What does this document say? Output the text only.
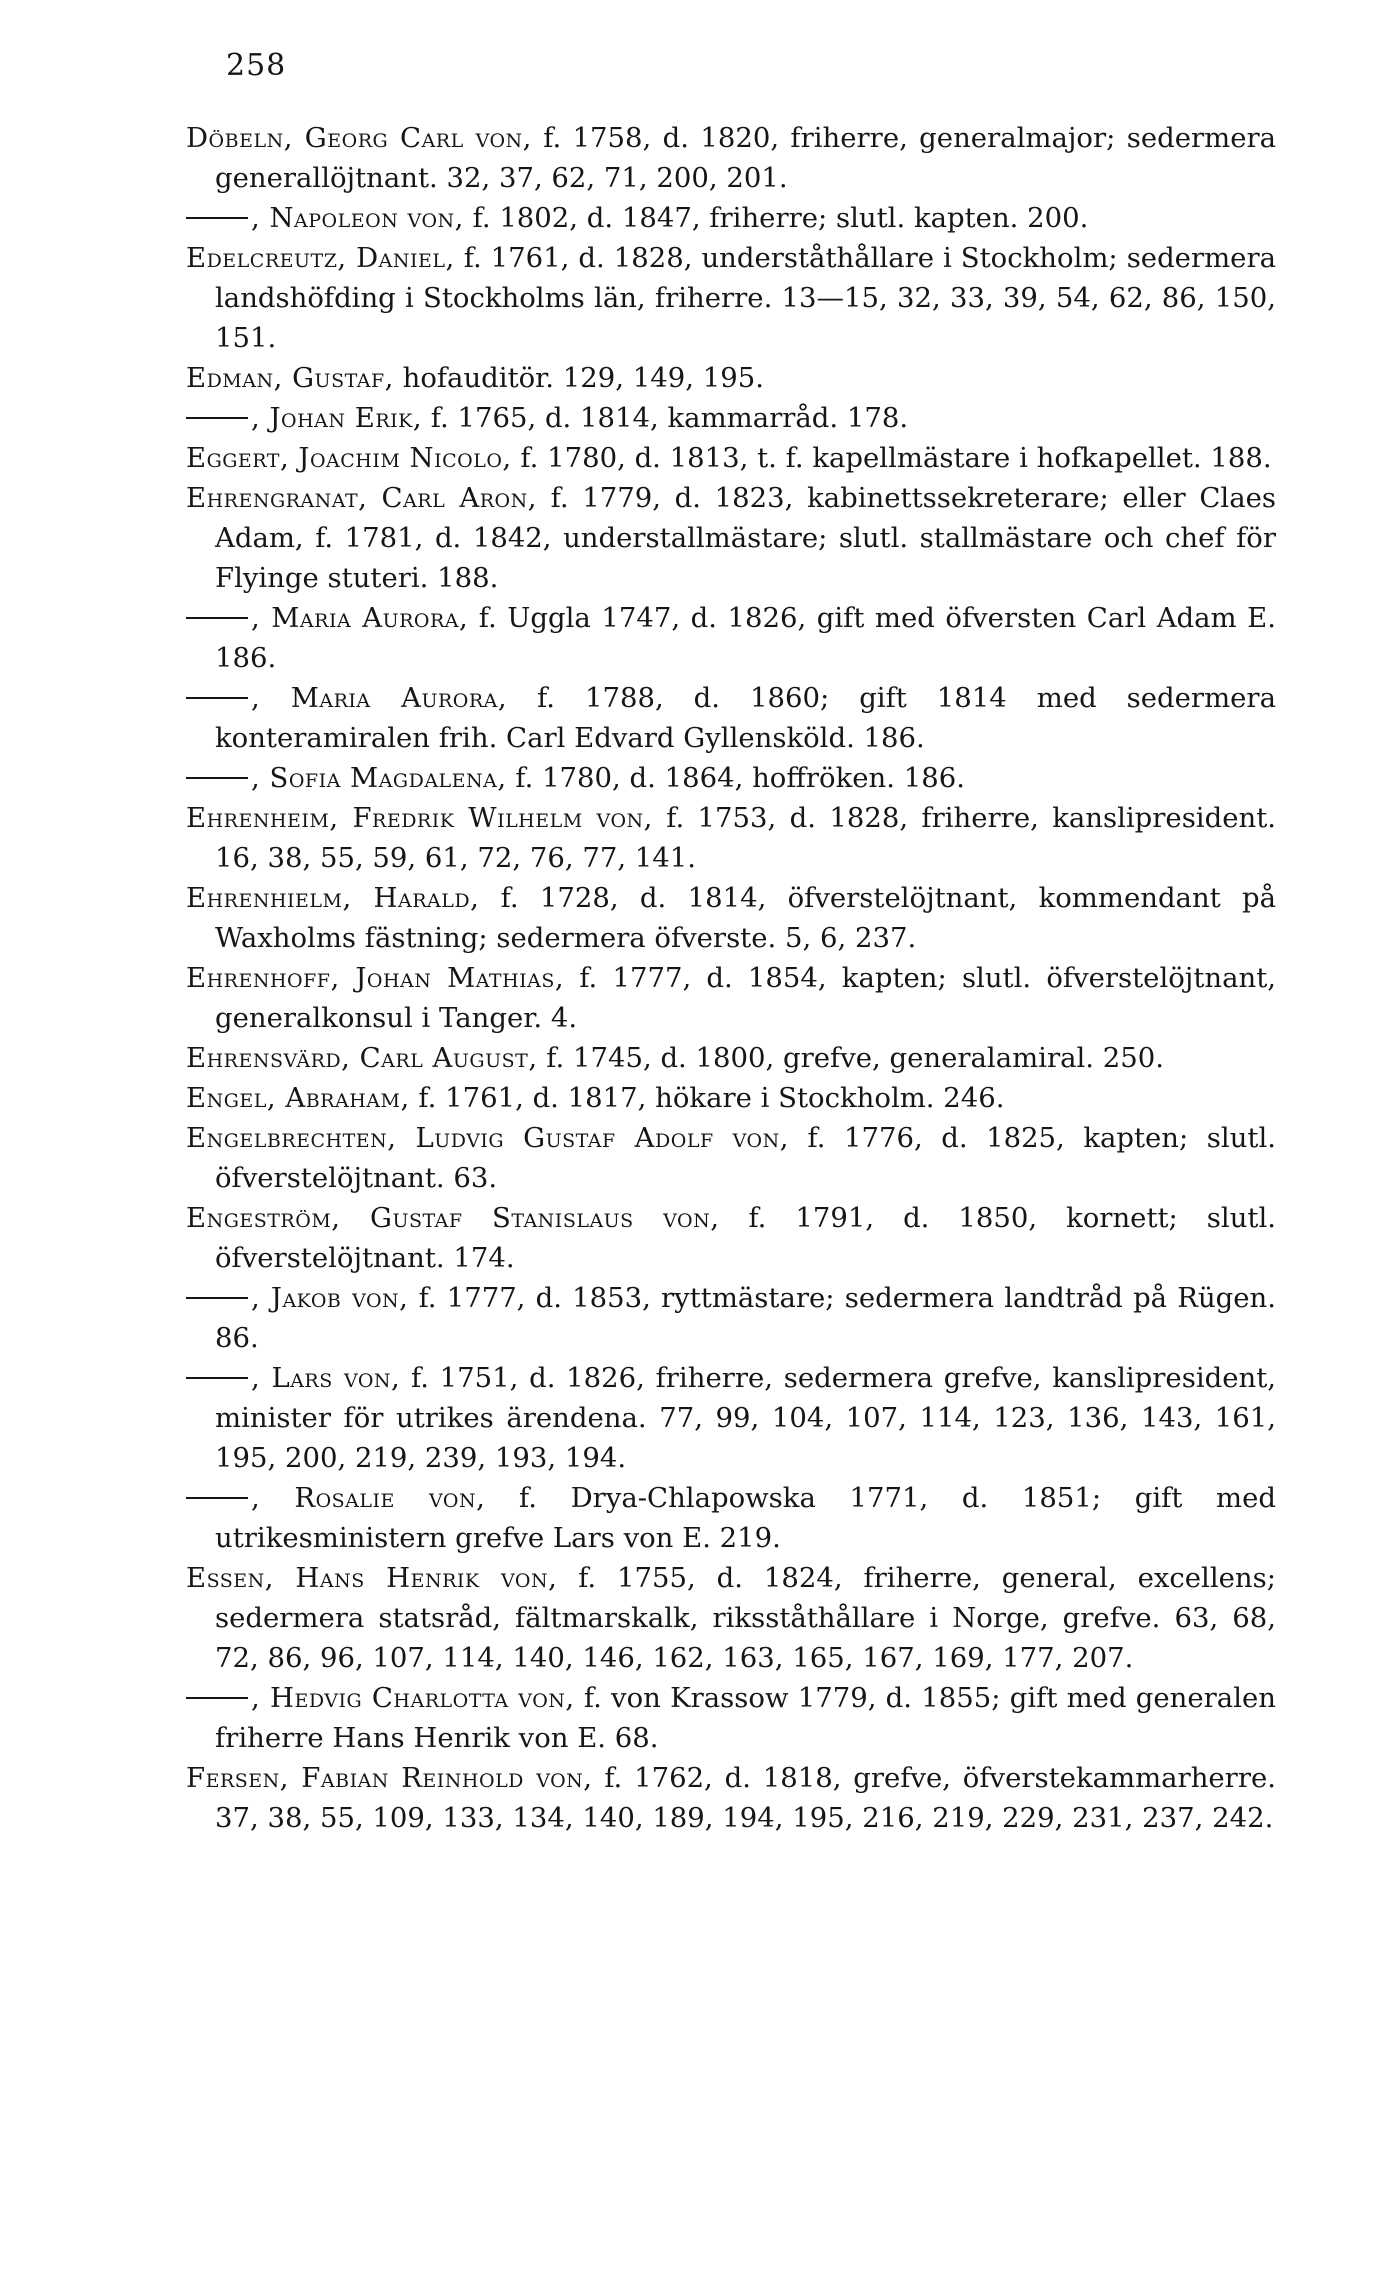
258

Döbeln, Georg Carl von, f. 1758, d. 1820, friherre, generalmajor; sedermera generallöjtnant. 32, 37, 62, 71, 200, 201.

, Napoleon von, f. 1802, d. 1847, friherre; slutl. kapten. 200.

Edelcreutz, Daniel, f. 1761, d. 1828, underståthållare i Stockholm; sedermera landshöfding i Stockholms län, friherre. 13—15, 32, 33, 39, 54, 62, 86, 150, 151.

Edman, Gustaf, hofauditör. 129, 149, 195.

, Johan Erik, f. 1765, d. 1814, kammarråd. 178.

Eggert, Joachim Nicolo, f. 1780, d. 1813, t. f. kapellmästare i hofkapellet. 188.

Ehrengranat, Carl Aron, f. 1779, d. 1823, kabinettssekreterare; eller Claes Adam, f. 1781, d. 1842, understallmästare; slutl. stallmästare och chef för Flyinge stuteri. 188.

, Maria Aurora, f. Uggla 1747, d. 1826, gift med öfversten Carl Adam E. 186.

, Maria Aurora, f. 1788, d. 1860; gift 1814 med sedermera konteramiralen frih. Carl Edvard Gyllensköld. 186.

, Sofia Magdalena, f. 1780, d. 1864, hoffröken. 186.

Ehrenheim, Fredrik Wilhelm von, f. 1753, d. 1828, friherre, kanslipresident. 16, 38, 55, 59, 61, 72, 76, 77, 141.

Ehrenhielm, Harald, f. 1728, d. 1814, öfverstelöjtnant, kommendant på Waxholms fästning; sedermera öfverste. 5, 6, 237.

Ehrenhoff, Johan Mathias, f. 1777, d. 1854, kapten; slutl. öfverstelöjtnant, generalkonsul i Tanger. 4.

Ehrensvärd, Carl August, f. 1745, d. 1800, grefve, generalamiral. 250.

Engel, Abraham, f. 1761, d. 1817, hökare i Stockholm. 246.

Engelbrechten, Ludvig Gustaf Adolf von, f. 1776, d. 1825, kapten; slutl. öfverstelöjtnant. 63.

Engeström, Gustaf Stanislaus von, f. 1791, d. 1850, kornett; slutl. öfverstelöjtnant. 174.

, Jakob von, f. 1777, d. 1853, ryttmästare; sedermera landtråd på Rügen. 86.

, Lars von, f. 1751, d. 1826, friherre, sedermera grefve, kanslipresident, minister för utrikes ärendena. 77, 99, 104, 107, 114, 123, 136, 143, 161, 195, 200, 219, 239, 193, 194.

, Rosalie von, f. Dryа-Chlapowska 1771, d. 1851; gift med utrikesministern grefve Lars von E. 219.

Essen, Hans Henrik von, f. 1755, d. 1824, friherre, general, excellens; sedermera statsråd, fältmarskalk, riksståthållare i Norge, grefve. 63, 68, 72, 86, 96, 107, 114, 140, 146, 162, 163, 165, 167, 169, 177, 207.

, Hedvig Charlotta von, f. von Krassow 1779, d. 1855; gift med generalen friherre Hans Henrik von E. 68.

Fersen, Fabian Reinhold von, f. 1762, d. 1818, grefve, öfverstekammarherre. 37, 38, 55, 109, 133, 134, 140, 189, 194, 195, 216, 219, 229, 231, 237, 242.
